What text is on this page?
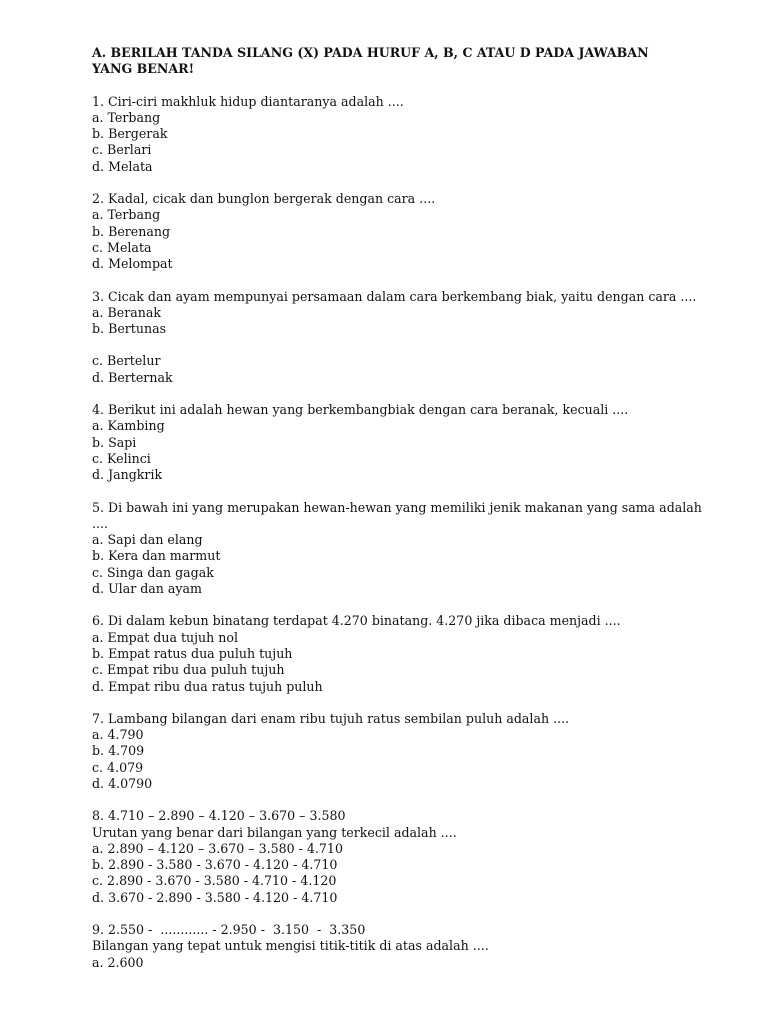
A. BERILAH TANDA SILANG (X) PADA HURUF A, B, C ATAU D PADA JAWABAN YANG BENAR!
1. Ciri-ciri makhluk hidup diantaranya adalah ....
a. Terbang
b. Bergerak
c. Berlari
d. Melata
2. Kadal, cicak dan bunglon bergerak dengan cara ....
a. Terbang
b. Berenang
c. Melata
d. Melompat
3. Cicak dan ayam mempunyai persamaan dalam cara berkembang biak, yaitu dengan cara ....
a. Beranak
b. Bertunas
c. Bertelur
d. Berternak
4. Berikut ini adalah hewan yang berkembangbiak dengan cara beranak, kecuali ....
a. Kambing
b. Sapi
c. Kelinci
d. Jangkrik
5. Di bawah ini yang merupakan hewan-hewan yang memiliki jenik makanan yang sama adalah
....
a. Sapi dan elang
b. Kera dan marmut
c. Singa dan gagak
d. Ular dan ayam
6. Di dalam kebun binatang terdapat 4.270 binatang. 4.270 jika dibaca menjadi ....
a. Empat dua tujuh nol
b. Empat ratus dua puluh tujuh
c. Empat ribu dua puluh tujuh
d. Empat ribu dua ratus tujuh puluh
7. Lambang bilangan dari enam ribu tujuh ratus sembilan puluh adalah ....
a. 4.790
b. 4.709
c. 4.079
d. 4.0790
8. 4.710 – 2.890 – 4.120 – 3.670 – 3.580
Urutan yang benar dari bilangan yang terkecil adalah ....
a. 2.890 – 4.120 – 3.670 – 3.580 - 4.710
b. 2.890 - 3.580 - 3.670 - 4.120 - 4.710
c. 2.890 - 3.670 - 3.580 - 4.710 - 4.120
d. 3.670 - 2.890 - 3.580 - 4.120 - 4.710
9. 2.550 -  ............ - 2.950 -  3.150  -  3.350
Bilangan yang tepat untuk mengisi titik-titik di atas adalah ....
a. 2.600
